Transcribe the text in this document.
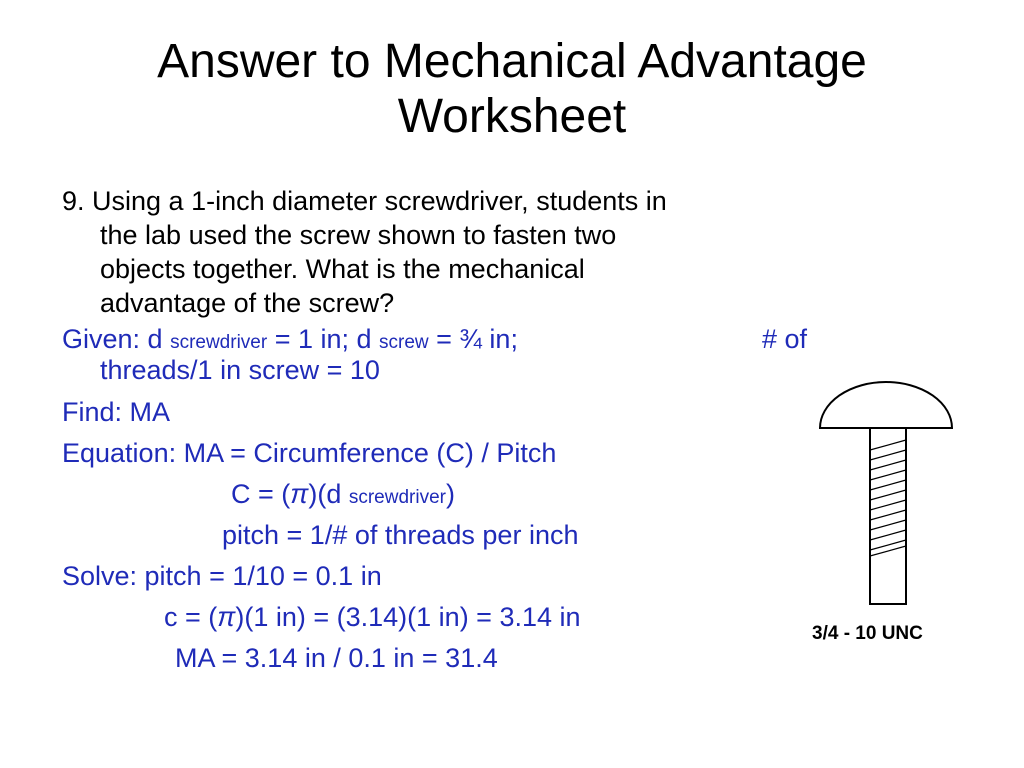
Answer to Mechanical Advantage
Worksheet
9. Using a 1-inch diameter screwdriver, students in
the lab used the screw shown to fasten two
objects together. What is the mechanical
advantage of the screw?
Given: d screwdriver = 1 in; d screw = ¾ in;	# of
threads/1 in screw = 10
Find: MA
Equation: MA = Circumference (C) / Pitch
C = (π)(d screwdriver)
pitch = 1/# of threads per inch
Solve: pitch = 1/10 = 0.1 in
c = (π)(1 in) = (3.14)(1 in) = 3.14 in
MA = 3.14 in / 0.1 in = 31.4
3/4 - 10 UNC
